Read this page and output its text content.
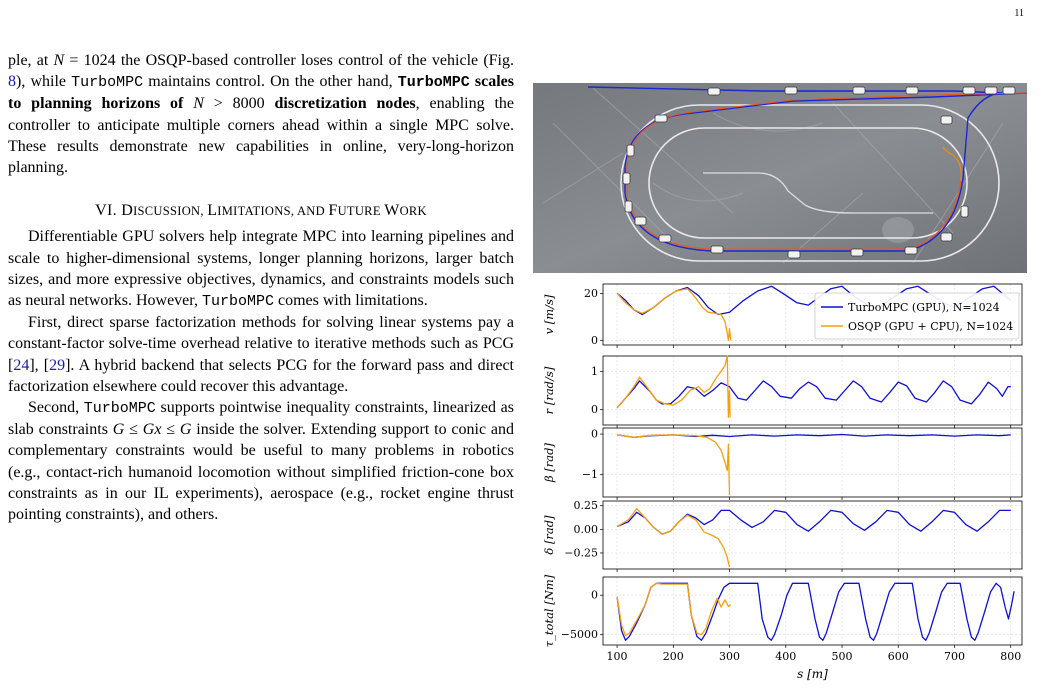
11

ple, at N = 1024 the OSQP-based controller loses control of the vehicle (Fig. 8), while TurboMPC maintains control. On the other hand, TurboMPC scales to planning horizons of N > 8000 discretization nodes, enabling the controller to anticipate multiple corners ahead within a single MPC solve. These results demonstrate new capabilities in online, very-long-horizon planning.

VI. DISCUSSION, LIMITATIONS, AND FUTURE WORK

Differentiable GPU solvers help integrate MPC into learning pipelines and scale to higher-dimensional systems, longer planning horizons, larger batch sizes, and more expressive objectives, dynamics, and constraints models such as neural networks. However, TurboMPC comes with limitations.

First, direct sparse factorization methods for solving linear systems pay a constant-factor solve-time overhead relative to iterative methods such as PCG [24], [29]. A hybrid backend that selects PCG for the forward pass and direct factorization elsewhere could recover this advantage.

Second, TurboMPC supports pointwise inequality constraints, linearized as slab constraints G ≤ Gx ≤ G inside the solver. Extending support to conic and complementary constraints would be useful to many problems in robotics (e.g., contact-rich humanoid locomotion without simplified friction-cone box constraints as in our IL experiments), aerospace (e.g., rocket engine thrust pointing constraints), and others.

0
20
v [m/s]
0
1
r [rad/s]
0
−1
β [rad]
0.25
0.00
−0.25
δ [rad]
0
−5000
τ_total [Nm]
100	200	300	400	500	600	700	800
s [m]
TurboMPC (GPU), N=1024
OSQP (GPU + CPU), N=1024
